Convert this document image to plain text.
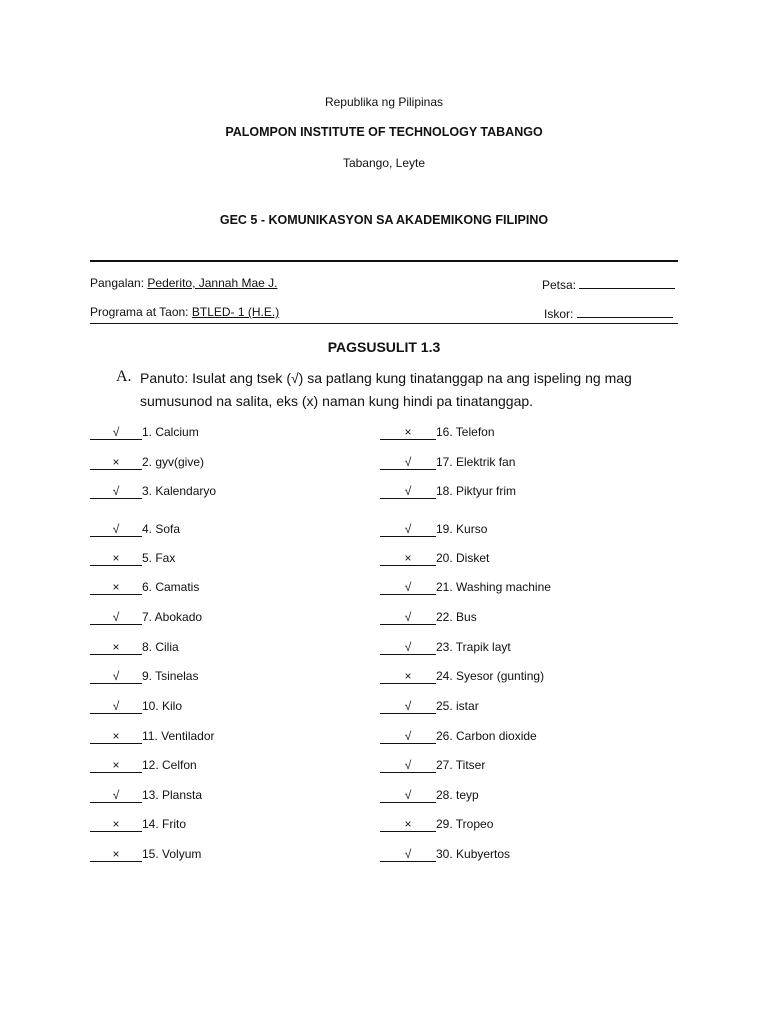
Republika ng Pilipinas
PALOMPON INSTITUTE OF TECHNOLOGY TABANGO
Tabango, Leyte
GEC 5 - KOMUNIKASYON SA AKADEMIKONG FILIPINO
Pangalan: Pederito, Jannah Mae J.	Petsa:
Programa at Taon: BTLED- 1 (H.E.)	Iskor:
PAGSUSULIT 1.3
A. Panuto: Isulat ang tsek (√) sa patlang kung tinatanggap na ang ispeling ng mag
sumusunod na salita, eks (x) naman kung hindi pa tinatanggap.
√ 1. Calcium
× 2. gyv(give)
√ 3. Kalendaryo
√ 4. Sofa
× 5. Fax
× 6. Camatis
√ 7. Abokado
× 8. Cilia
√ 9. Tsinelas
√ 10. Kilo
× 11. Ventilador
× 12. Celfon
√ 13. Plansta
× 14. Frito
× 15. Volyum
× 16. Telefon
√ 17. Elektrik fan
√ 18. Piktyur frim
√ 19. Kurso
× 20. Disket
√ 21. Washing machine
√ 22. Bus
√ 23. Trapik layt
× 24. Syesor (gunting)
√ 25. istar
√ 26. Carbon dioxide
√ 27. Titser
√ 28. teyp
× 29. Tropeo
√ 30. Kubyertos
